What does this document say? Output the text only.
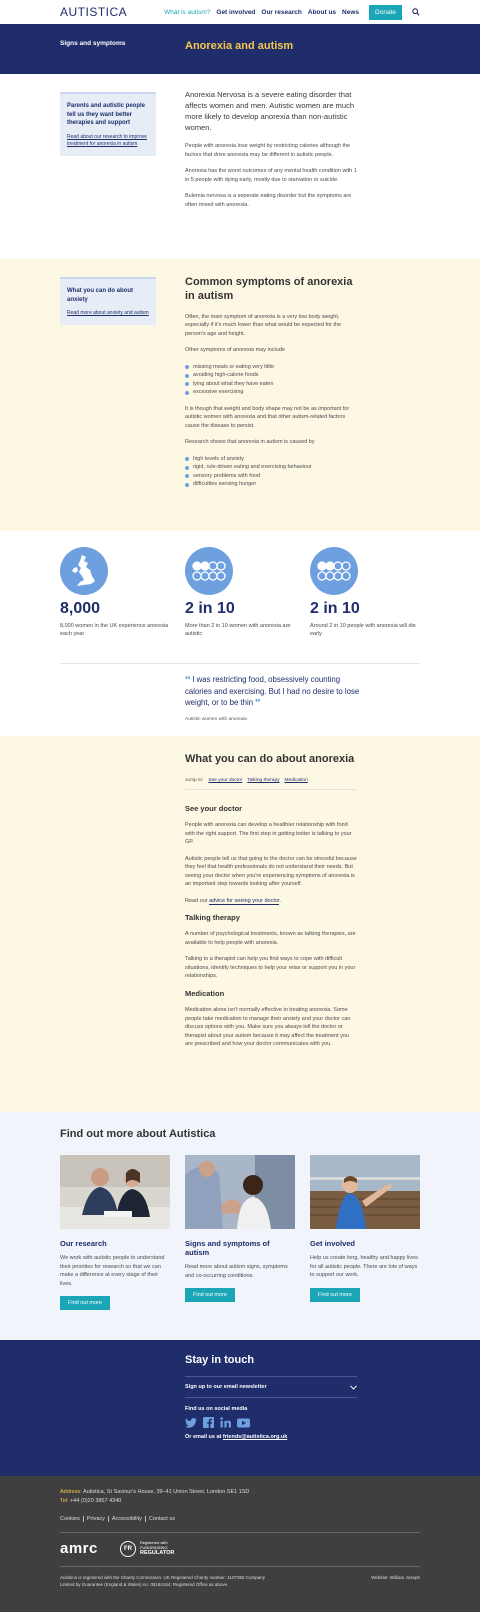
AUTISTICA	What is autism? Get involved Our research About us News	Donate
Signs and symptoms	Anorexia and autism
Parents and autistic people tell us they want better therapies and support
Read about our research to improve treatment for anorexia in autism
Anorexia Nervosa is a severe eating disorder that affects women and men. Autistic women are much more likely to develop anorexia than non-autistic women.
People with anorexia lose weight by restricting calories although the factors that drive anorexia may be different in autistic people.
Anorexia has the worst outcomes of any mental health condition with 1 in 5 people with dying early, mostly due to starvation or suicide.
Bulemia nervosa is a seperate eating disorder but the symptoms are often mixed with anorexia.
What you can do about anxiety
Read more about anxiety and autism
Common symptoms of anorexia in autism
Often, the main symptom of anorexia is a very low body weight, especially if it's much lower than what would be expected for the person's age and height.
Other symptoms of anorexia may include
missing meals or eating very little
avoiding high-calorie foods
lying about what they have eaten
excessive exercising
It is though that weight and body shape may not be as important for autistic women with anorexia and that other autism-related factors cause the disease to persist.
Research shows that anorexia in autism is caused by
high levels of anxiety
rigid, rule-driven eating and exercising behaviour
sensory problems with food
difficulties sensing hunger
8,000
8,000 women in the UK experience anorexia each year
2 in 10
More than 2 in 10 women with anorexia are autistic
2 in 10
Around 2 in 10 people with anorexia will die early
❛❛ I was restricting food, obsessively counting calories and exercising. But I had no desire to lose weight, or to be thin ❜❜
Autistic women with anorexia
What you can do about anorexia
Jump to: See your doctor Talking therapy Medication
See your doctor
People with anorexia can develop a healthier relationship with food with the right support. The first step in getting better is talking to your GP.
Autistic people tell us that going to the doctor can be stressful because they feel that health professionals do not understand their needs. But seeing your doctor when you're experiencing symptoms of anorexia is an important step towards looking after yourself.
Read our advice for seeing your doctor.
Talking therapy
A number of psychological treatments, known as talking therapies, are available to help people with anorexia.
Talking to a therapist can help you find ways to cope with difficult situations, identify techniques to help your relax or support you in your relationships.
Medication
Medication alone isn't normally effective in treating anorexia. Some people take medication to manage their anxiety and your doctor can discuss options with you. Make sure you always tell the doctor or therapist about your autism because it may affect the treatment you are prescribed and how your doctor communicates with you.
Find out more about Autistica
Our research

We work with autistic people to understand their priorities for research so that we can make a difference at every stage of their lives.

Find out more
Signs and symptoms of autism

Read more about autism signs, symptoms and co-occurring conditions.

Find out more
Get involved

Help us create long, healthy and happy lives for all autistic people. There are lots of ways to support our work.

Find out more
Stay in touch
Sign up to our email newsletter
Find us on social media
Or email us at friends@autistica.org.uk
Address: Autistica, St Saviour's House, 39–41 Union Street, London SE1 1SD
Tel: +44 (0)20 3857 4340
Cookies	Privacy	Accessibility	Contact us
amrc	FR
Registered with
FUNDRAISING
REGULATOR
Autistica is registered with the Charity Commission. UK Registered Charity number: 1107350 Company Limited by Guarantee (England & Wales) no. 05184164; Registered Office as above.
Website: William Joseph
